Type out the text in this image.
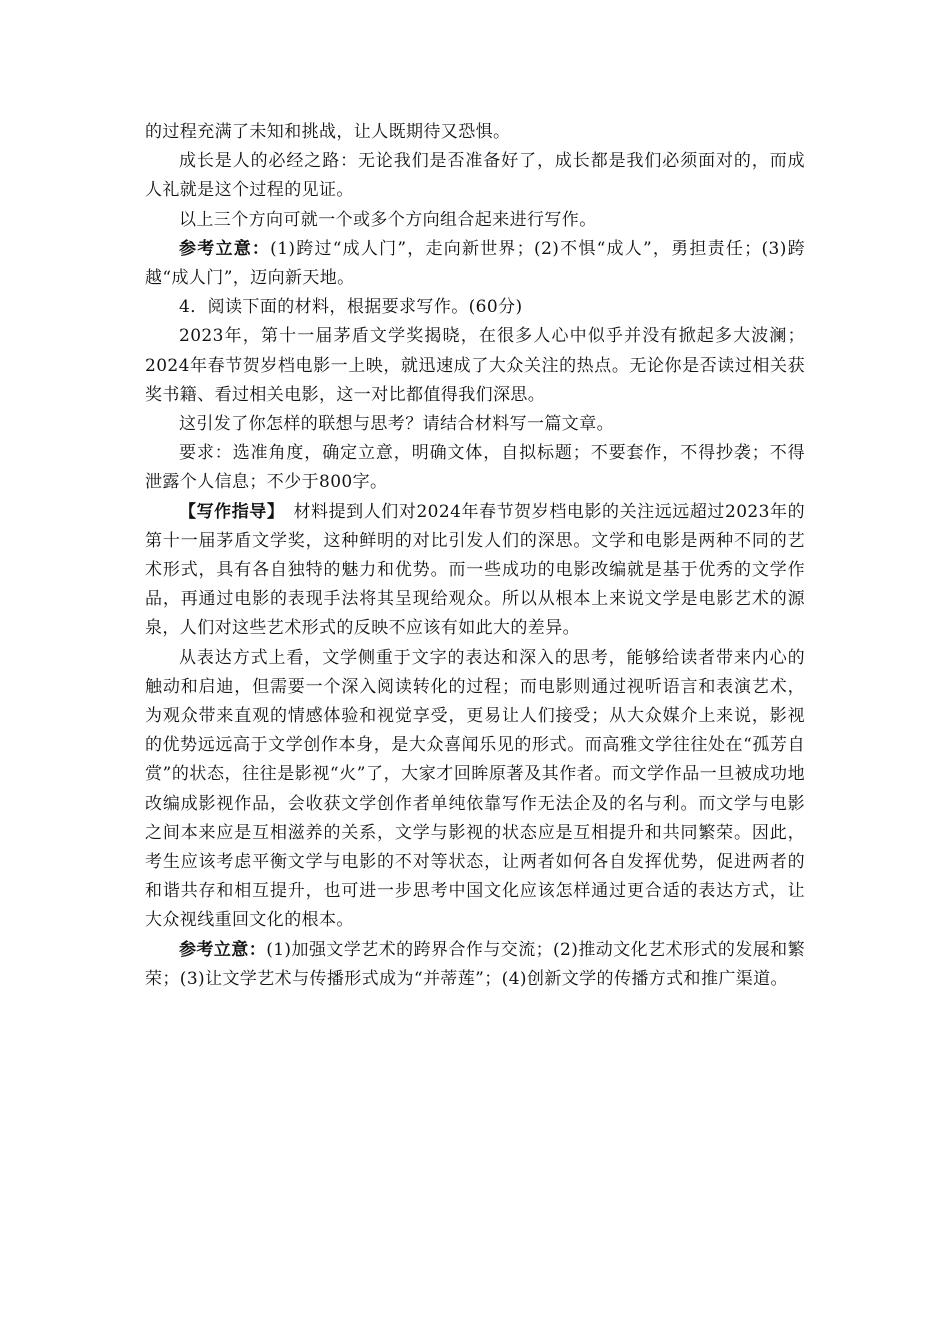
的过程充满了未知和挑战，让人既期待又恐惧。

成长是人的必经之路：无论我们是否准备好了，成长都是我们必须面对的，而成人礼就是这个过程的见证。

以上三个方向可就一个或多个方向组合起来进行写作。

参考立意：(1)跨过“成人门”，走向新世界；(2)不惧“成人”，勇担责任；(3)跨越“成人门”，迈向新天地。

4．阅读下面的材料，根据要求写作。(60分)

2023年，第十一届茅盾文学奖揭晓，在很多人心中似乎并没有掀起多大波澜；2024年春节贺岁档电影一上映，就迅速成了大众关注的热点。无论你是否读过相关获奖书籍、看过相关电影，这一对比都值得我们深思。

这引发了你怎样的联想与思考？请结合材料写一篇文章。

要求：选准角度，确定立意，明确文体，自拟标题；不要套作，不得抄袭；不得泄露个人信息；不少于800字。

【写作指导】　材料提到人们对2024年春节贺岁档电影的关注远远超过2023年的第十一届茅盾文学奖，这种鲜明的对比引发人们的深思。文学和电影是两种不同的艺术形式，具有各自独特的魅力和优势。而一些成功的电影改编就是基于优秀的文学作品，再通过电影的表现手法将其呈现给观众。所以从根本上来说文学是电影艺术的源泉，人们对这些艺术形式的反映不应该有如此大的差异。

从表达方式上看，文学侧重于文字的表达和深入的思考，能够给读者带来内心的触动和启迪，但需要一个深入阅读转化的过程；而电影则通过视听语言和表演艺术，为观众带来直观的情感体验和视觉享受，更易让人们接受；从大众媒介上来说，影视的优势远远高于文学创作本身，是大众喜闻乐见的形式。而高雅文学往往处在“孤芳自赏”的状态，往往是影视“火”了，大家才回眸原著及其作者。而文学作品一旦被成功地改编成影视作品，会收获文学创作者单纯依靠写作无法企及的名与利。而文学与电影之间本来应是互相滋养的关系，文学与影视的状态应是互相提升和共同繁荣。因此，考生应该考虑平衡文学与电影的不对等状态，让两者如何各自发挥优势，促进两者的和谐共存和相互提升，也可进一步思考中国文化应该怎样通过更合适的表达方式，让大众视线重回文化的根本。

参考立意：(1)加强文学艺术的跨界合作与交流；(2)推动文化艺术形式的发展和繁荣；(3)让文学艺术与传播形式成为“并蒂莲”；(4)创新文学的传播方式和推广渠道。
